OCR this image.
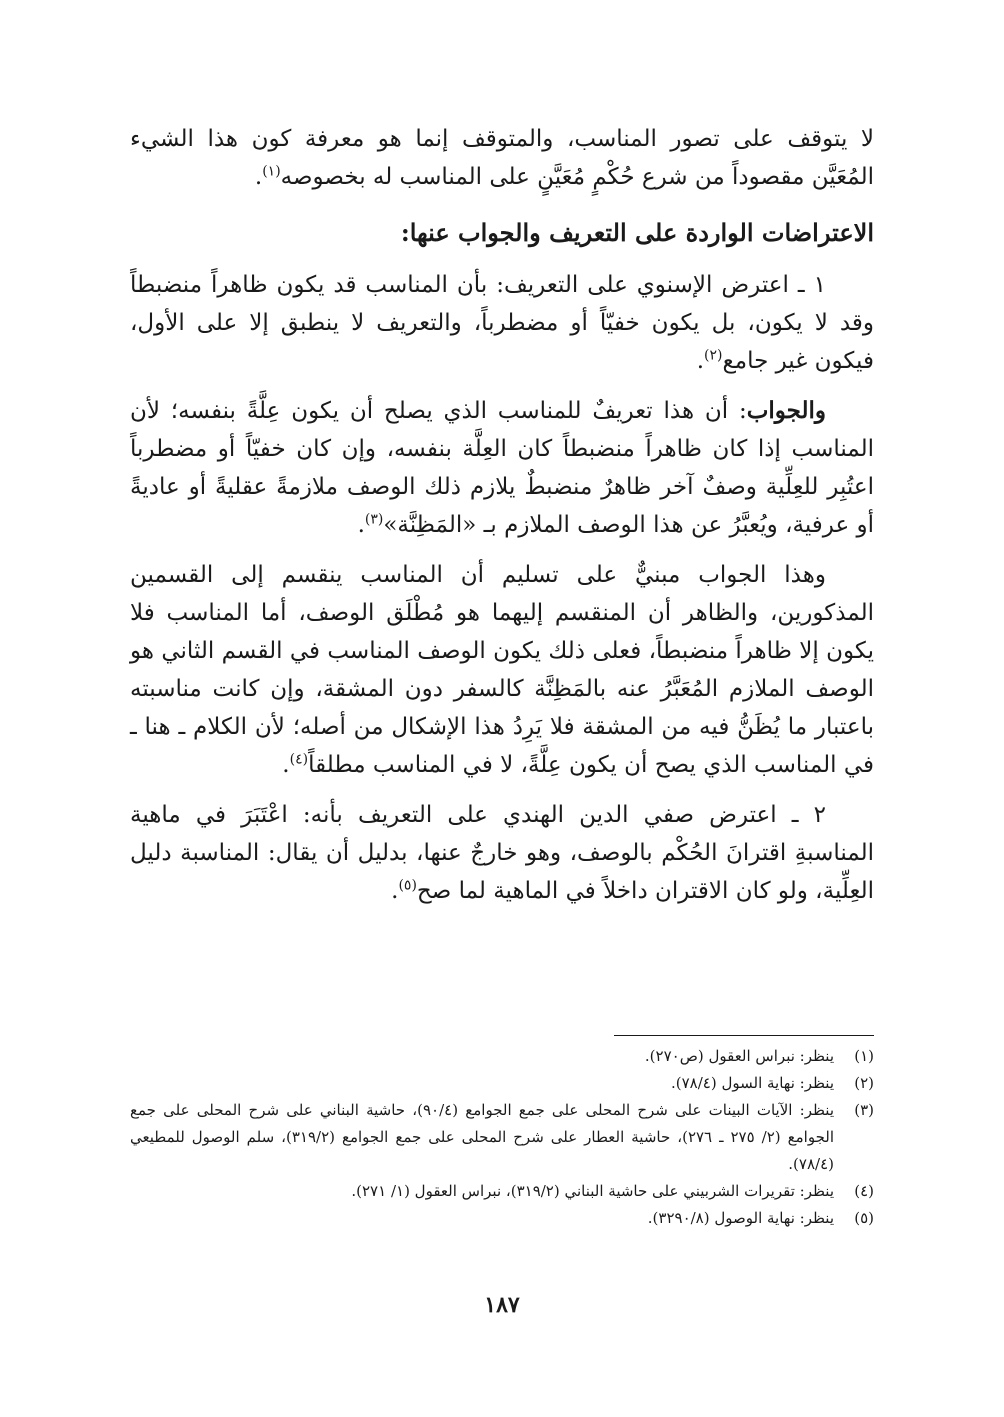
لا يتوقف على تصور المناسب، والمتوقف إنما هو معرفة كون هذا الشيء المُعَيَّن مقصوداً من شرع حُكْمٍ مُعَيَّنٍ على المناسب له بخصوصه$^{(١)}$.

الاعتراضات الواردة على التعريف والجواب عنها:

١ ـ اعترض الإسنوي على التعريف: بأن المناسب قد يكون ظاهراً منضبطاً وقد لا يكون، بل يكون خفيّاً أو مضطرباً، والتعريف لا ينطبق إلا على الأول، فيكون غير جامع$^{(٢)}$.

والجواب: أن هذا تعريفٌ للمناسب الذي يصلح أن يكون عِلَّةً بنفسه؛ لأن المناسب إذا كان ظاهراً منضبطاً كان العِلَّة بنفسه، وإن كان خفيّاً أو مضطرباً اعتُبِر للعِلِّية وصفٌ آخر ظاهرٌ منضبطٌ يلازم ذلك الوصف ملازمةً عقليةً أو عاديةً أو عرفية، ويُعبَّرُ عن هذا الوصف الملازم بـ «المَظِنَّة»$^{(٣)}$.

وهذا الجواب مبنيٌّ على تسليم أن المناسب ينقسم إلى القسمين المذكورين، والظاهر أن المنقسم إليهما هو مُطْلَق الوصف، أما المناسب فلا يكون إلا ظاهراً منضبطاً، فعلى ذلك يكون الوصف المناسب في القسم الثاني هو الوصف الملازم المُعَبَّرُ عنه بالمَظِنَّة كالسفر دون المشقة، وإن كانت مناسبته باعتبار ما يُظَنُّ فيه من المشقة فلا يَرِدُ هذا الإشكال من أصله؛ لأن الكلام ـ هنا ـ في المناسب الذي يصح أن يكون عِلَّةً، لا في المناسب مطلقاً$^{(٤)}$.

٢ ـ اعترض صفي الدين الهندي على التعريف بأنه: اعْتَبَرَ في ماهية المناسبةِ اقترانَ الحُكْم بالوصف، وهو خارجٌ عنها، بدليل أن يقال: المناسبة دليل العِلِّية، ولو كان الاقتران داخلاً في الماهية لما صح$^{(٥)}$.

(١)
ينظر: نبراس العقول (ص٢٧٠).
(٢)
ينظر: نهاية السول (٧٨/٤).
(٣)
ينظر: الآيات البينات على شرح المحلى على جمع الجوامع (٩٠/٤)، حاشية البناني على شرح المحلى على جمع الجوامع (٢/ ٢٧٥ ـ ٢٧٦)، حاشية العطار على شرح المحلى على جمع الجوامع (٣١٩/٢)، سلم الوصول للمطيعي (٧٨/٤).
(٤)
ينظر: تقريرات الشربيني على حاشية البناني (٣١٩/٢)، نبراس العقول (١/ ٢٧١).
(٥)
ينظر: نهاية الوصول (٣٢٩٠/٨).
١٨٧
